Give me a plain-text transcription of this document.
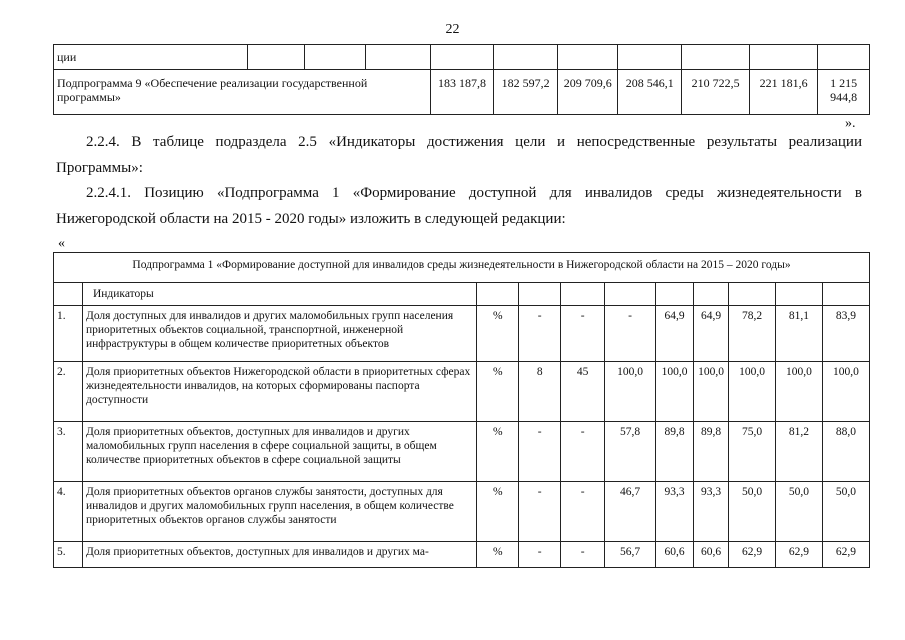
22
ции										
Подпрограмма 9 «Обеспечение реализации государственной программы»				183 187,8	182 597,2	209 709,6	208 546,1	210 722,5	221 181,6	1 215 944,8
».
2.2.4. В таблице подраздела 2.5 «Индикаторы достижения цели и непосредственные результаты реализации Программы»:
2.2.4.1. Позицию «Подпрограмма 1 «Формирование доступной для инвалидов среды жизнедеятельности в Нижегородской области на 2015 - 2020 годы» изложить в следующей редакции:
«
Подпрограмма 1 «Формирование доступной для инвалидов среды жизнедеятельности в Нижегородской области на 2015 – 2020 годы»										
	Индикаторы									
1.	Доля доступных для инвалидов и других маломобильных групп населения приоритетных объектов социальной, транспортной, инженерной инфраструктуры в общем количестве приоритетных объектов	%	-	-	-	64,9	64,9	78,2	81,1	83,9
2.	Доля приоритетных объектов Нижегородской области в приоритетных сферах жизнедеятельности инвалидов, на которых сформированы паспорта доступности	%	8	45	100,0	100,0	100,0	100,0	100,0	100,0
3.	Доля приоритетных объектов, доступных для инвалидов и других маломобильных групп населения в сфере социальной защиты, в общем количестве приоритетных объектов в сфере социальной защиты	%	-	-	57,8	89,8	89,8	75,0	81,2	88,0
4.	Доля приоритетных объектов органов службы занятости, доступных для инвалидов и других маломобильных групп населения, в общем количестве приоритетных объектов органов службы занятости	%	-	-	46,7	93,3	93,3	50,0	50,0	50,0
5.	Доля приоритетных объектов, доступных для инвалидов и других ма-	%	-	-	56,7	60,6	60,6	62,9	62,9	62,9
